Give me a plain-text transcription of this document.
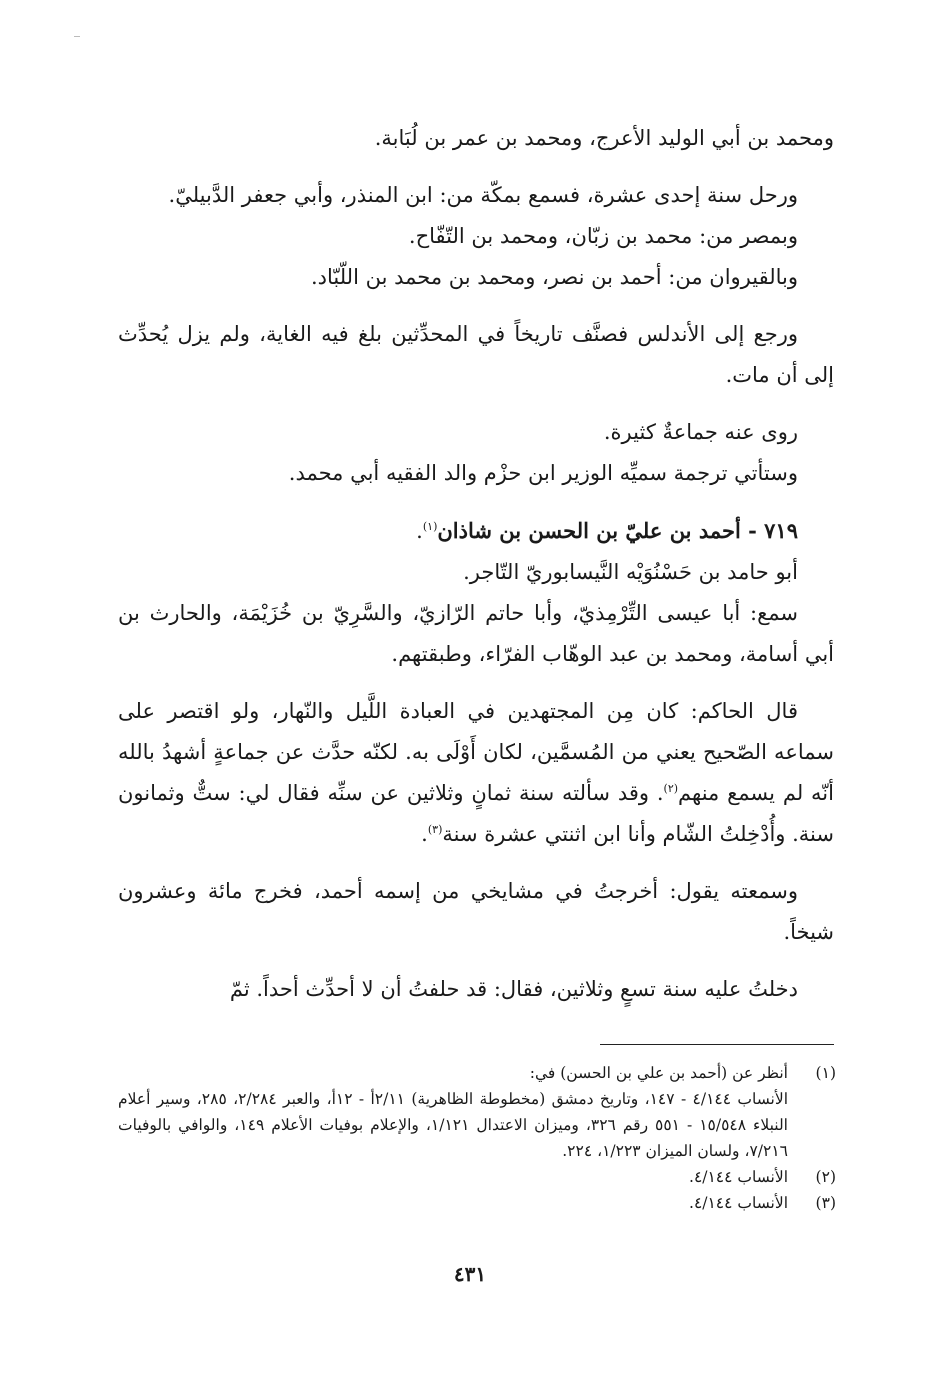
ومحمد بن أبي الوليد الأعرج، ومحمد بن عمر بن لُبَابة.

ورحل سنة إحدى عشرة، فسمع بمكّة من: ابن المنذر، وأبي جعفر الدَّبيليّ.

وبمصر من: محمد بن زبّان، ومحمد بن التّفّاح.

وبالقيروان من: أحمد بن نصر، ومحمد بن محمد بن اللّبّاد.

ورجع إلى الأندلس فصنَّف تاريخاً في المحدِّثين بلغ فيه الغاية، ولم يزل يُحدِّث إلى أن مات.

روى عنه جماعةٌ كثيرة.

وستأتي ترجمة سميِّه الوزير ابن حزْم والد الفقيه أبي محمد.

٧١٩ - أحمد بن عليّ بن الحسن بن شاذان$^{(١)}$.

أبو حامد بن حَسْنُوَيْه النَّيسابوريّ التّاجر.

سمع: أبا عيسى التِّرْمِذيّ، وأبا حاتم الرّازيّ، والسَّرِيّ بن خُزَيْمَة، والحارث بن أبي أسامة، ومحمد بن عبد الوهّاب الفرّاء، وطبقتهم.

قال الحاكم: كان مِن المجتهدين في العبادة اللَّيل والنّهار، ولو اقتصر على سماعه الصّحيح يعني من المُسمَّين، لكان أَوْلَى به. لكنّه حدَّث عن جماعةٍ أشهدُ بالله أنّه لم يسمع منهم$^{(٢)}$. وقد سألته سنة ثمانٍ وثلاثين عن سنِّه فقال لي: ستٌّ وثمانون سنة. وأُدْخِلتُ الشّام وأنا ابن اثنتي عشرة سنة$^{(٣)}$.

وسمعته يقول: أخرجتُ في مشايخي من إسمه أحمد، فخرج مائة وعشرون شيخاً.

دخلتُ عليه سنة تسعٍ وثلاثين، فقال: قد حلفتُ أن لا أحدِّث أحداً. ثمّ

(١)
أنظر عن (أحمد بن علي بن الحسن) في:
الأنساب ٤/١٤٤ - ١٤٧، وتاريخ دمشق (مخطوطة الظاهرية) ٢/١١أ - ١٢أ، والعبر ٢/٢٨٤، ٢٨٥، وسير أعلام النبلاء ١٥/٥٤٨ - ٥٥١ رقم ٣٢٦، وميزان الاعتدال ١/١٢١، والإعلام بوفيات الأعلام ١٤٩، والوافي بالوفيات ٧/٢١٦، ولسان الميزان ١/٢٢٣، ٢٢٤.
(٢)
الأنساب ٤/١٤٤.
(٣)
الأنساب ٤/١٤٤.
٤٣١
